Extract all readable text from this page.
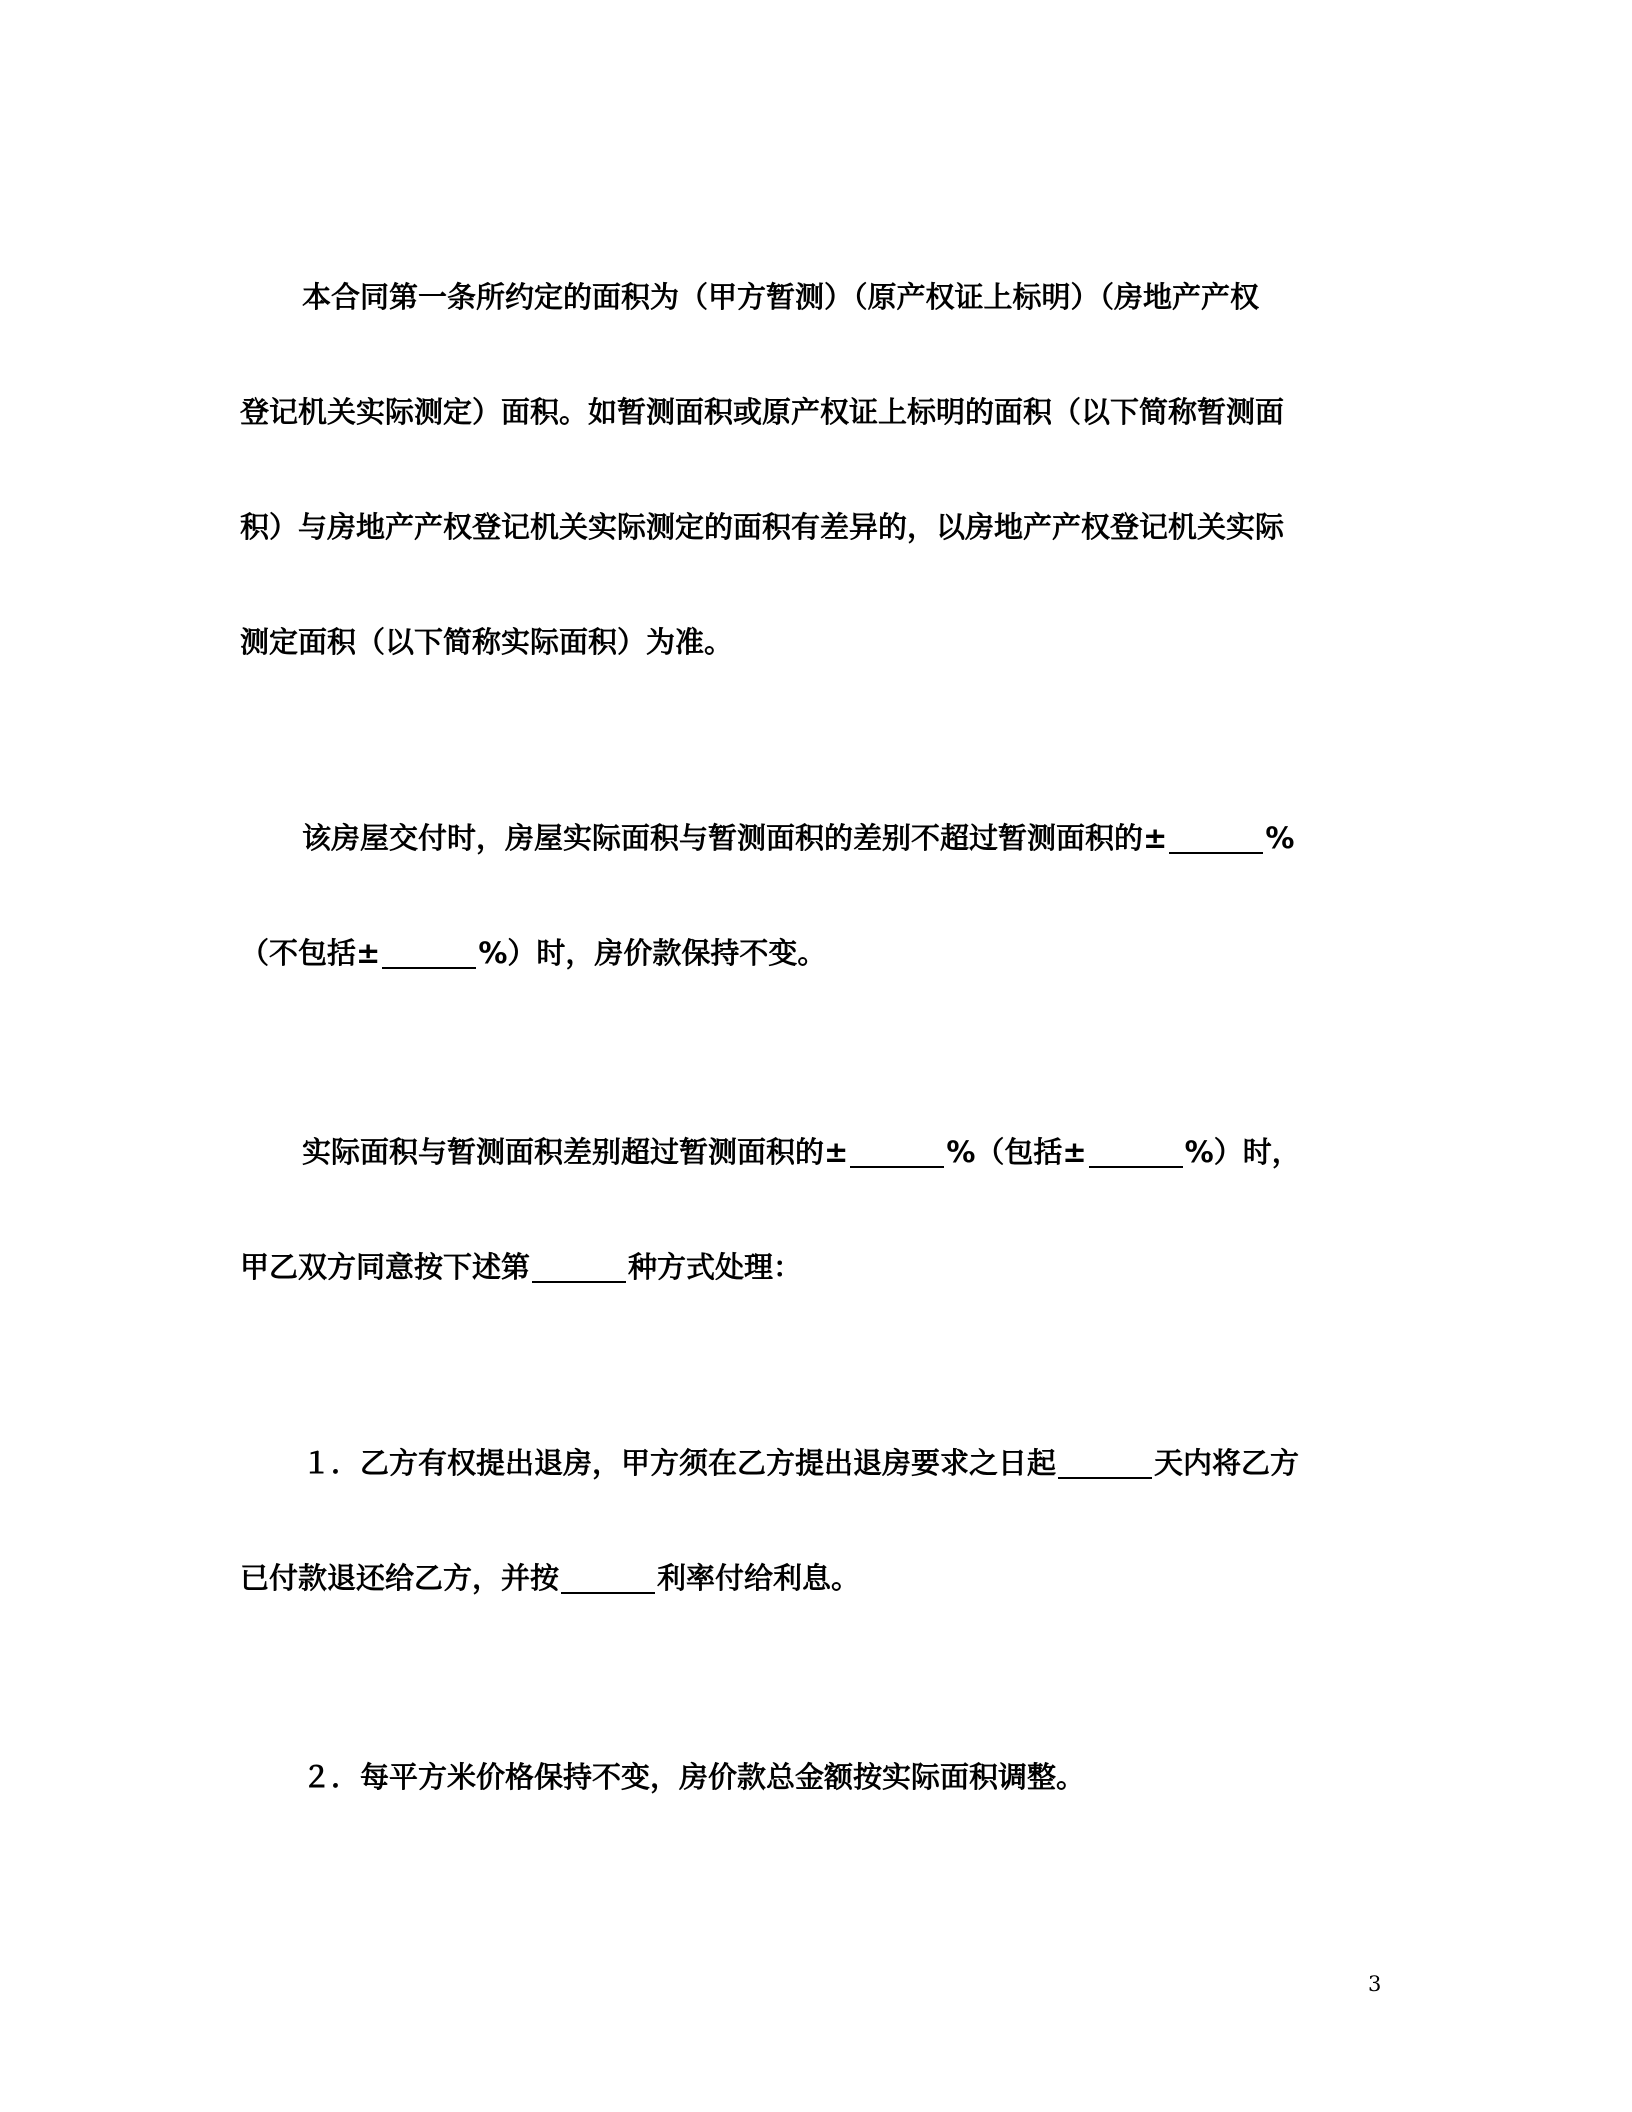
本合同第一条所约定的面积为（甲方暂测）（原产权证上标明）（房地产产权
登记机关实际测定）面积。如暂测面积或原产权证上标明的面积（以下简称暂测面
积）与房地产产权登记机关实际测定的面积有差异的，以房地产产权登记机关实际
测定面积（以下简称实际面积）为准。
该房屋交付时，房屋实际面积与暂测面积的差别不超过暂测面积的±	%
（不包括±	%）时，房价款保持不变。
实际面积与暂测面积差别超过暂测面积的±	%（包括±	%）时，
甲乙双方同意按下述第	种方式处理：
１．乙方有权提出退房，甲方须在乙方提出退房要求之日起	天内将乙方
已付款退还给乙方，并按	利率付给利息。
２．每平方米价格保持不变，房价款总金额按实际面积调整。
3
